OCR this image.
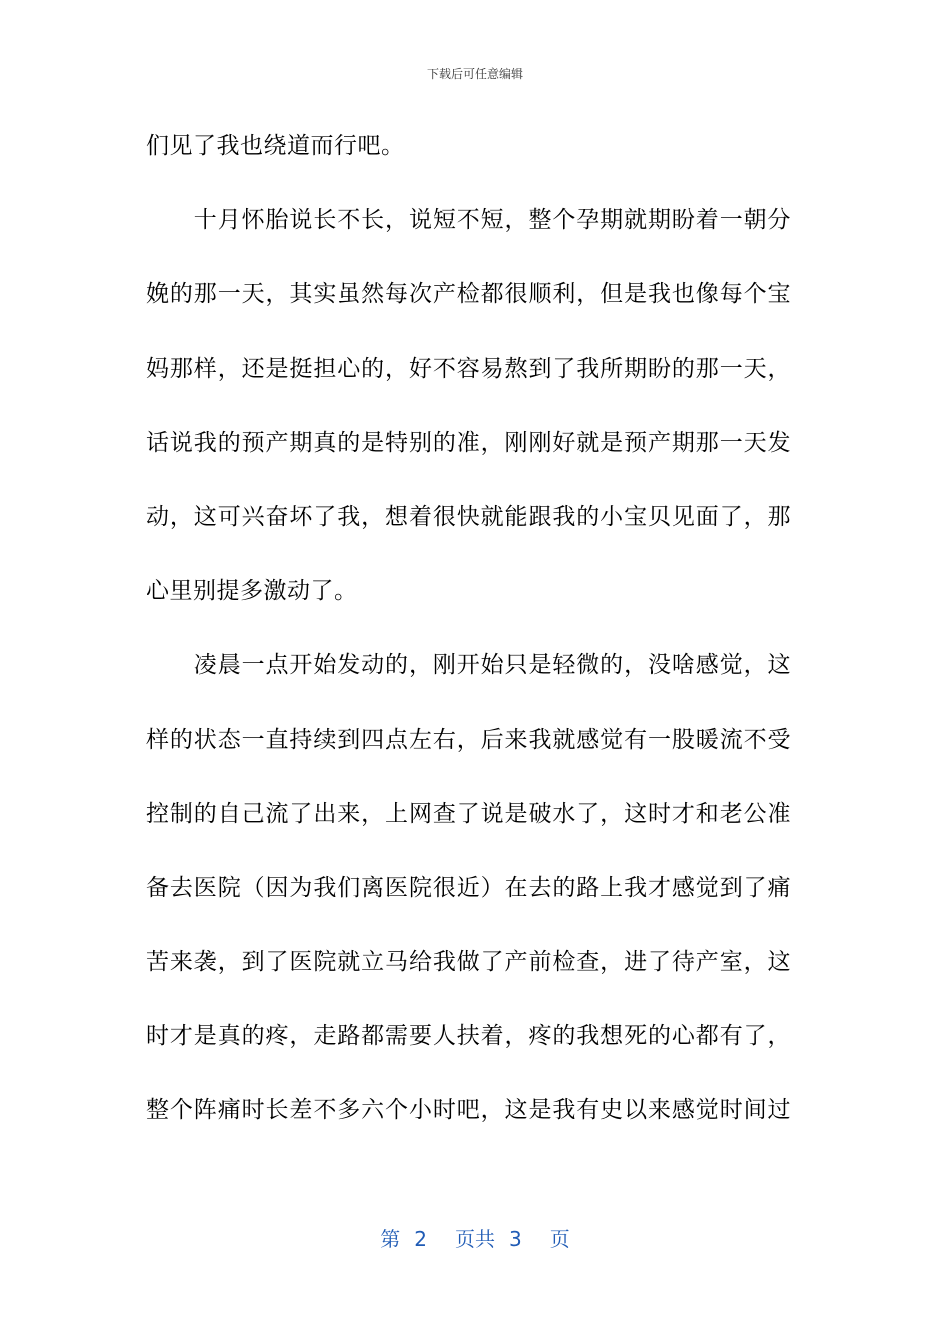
下载后可任意编辑
们见了我也绕道而行吧。
　　十月怀胎说长不长，说短不短，整个孕期就期盼着一朝分
娩的那一天，其实虽然每次产检都很顺利，但是我也像每个宝
妈那样，还是挺担心的，好不容易熬到了我所期盼的那一天，
话说我的预产期真的是特别的准，刚刚好就是预产期那一天发
动，这可兴奋坏了我，想着很快就能跟我的小宝贝见面了，那
心里别提多激动了。
　　凌晨一点开始发动的，刚开始只是轻微的，没啥感觉，这
样的状态一直持续到四点左右，后来我就感觉有一股暖流不受
控制的自己流了出来，上网查了说是破水了，这时才和老公准
备去医院（因为我们离医院很近）在去的路上我才感觉到了痛
苦来袭，到了医院就立马给我做了产前检查，进了待产室，这
时才是真的疼，走路都需要人扶着，疼的我想死的心都有了，
整个阵痛时长差不多六个小时吧，这是我有史以来感觉时间过
第 2 页共 3 页
